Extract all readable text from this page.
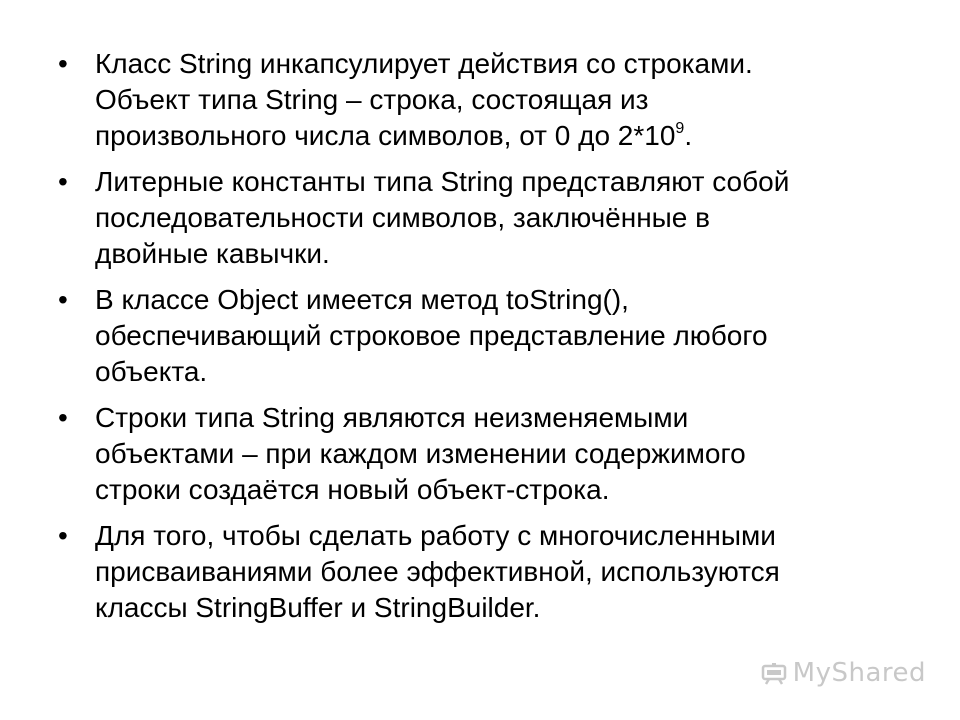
• Класс String инкапсулирует действия со строками.
Объект типа String – строка, состоящая из
произвольного числа символов, от 0 до $2*10^9$.
• Литерные константы типа String представляют собой
последовательности символов, заключённые в
двойные кавычки.
• В классе Object имеется метод toString(),
обеспечивающий строковое представление любого
объекта.
• Строки типа String являются неизменяемыми
объектами – при каждом изменении содержимого
строки создаётся новый объект-строка.
• Для того, чтобы сделать работу с многочисленными
присваиваниями более эффективной, используются
классы StringBuffer и StringBuilder.
MyShared
